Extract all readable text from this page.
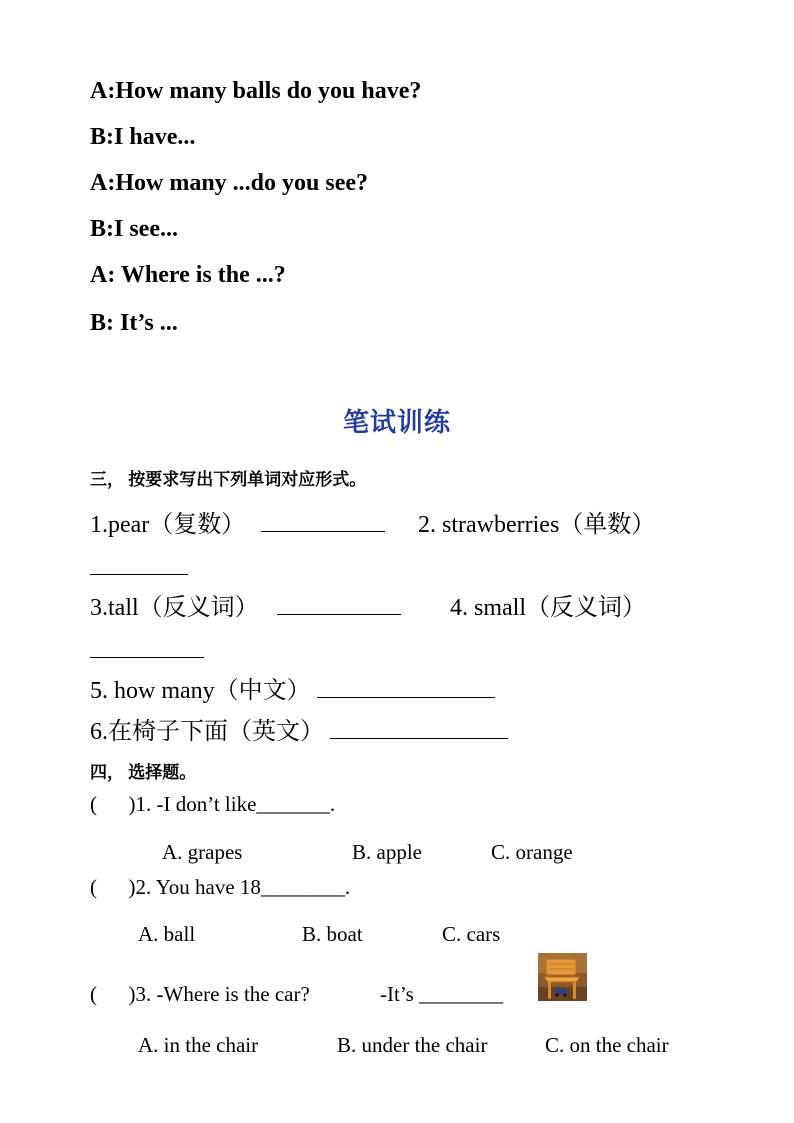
A:How many balls do you have?
B:I have...
A:How many ...do you see?
B:I see...
A: Where is the ...?
B: It’s ...
笔试训练
三， 按要求写出下列单词对应形式。
1.pear（复数）	2. strawberries（单数）
3.tall（反义词）	4. small（反义词）
5. how many（中文）
6.在椅子下面（英文）
四， 选择题。
(      )1. -I don’t like_______.
A. grapes	B. apple	C. orange
(      )2. You have 18________.
A. ball	B. boat	C. cars
(      )3. -Where is the car?	-It’s ________
A. in the chair	B. under the chair	C. on the chair
